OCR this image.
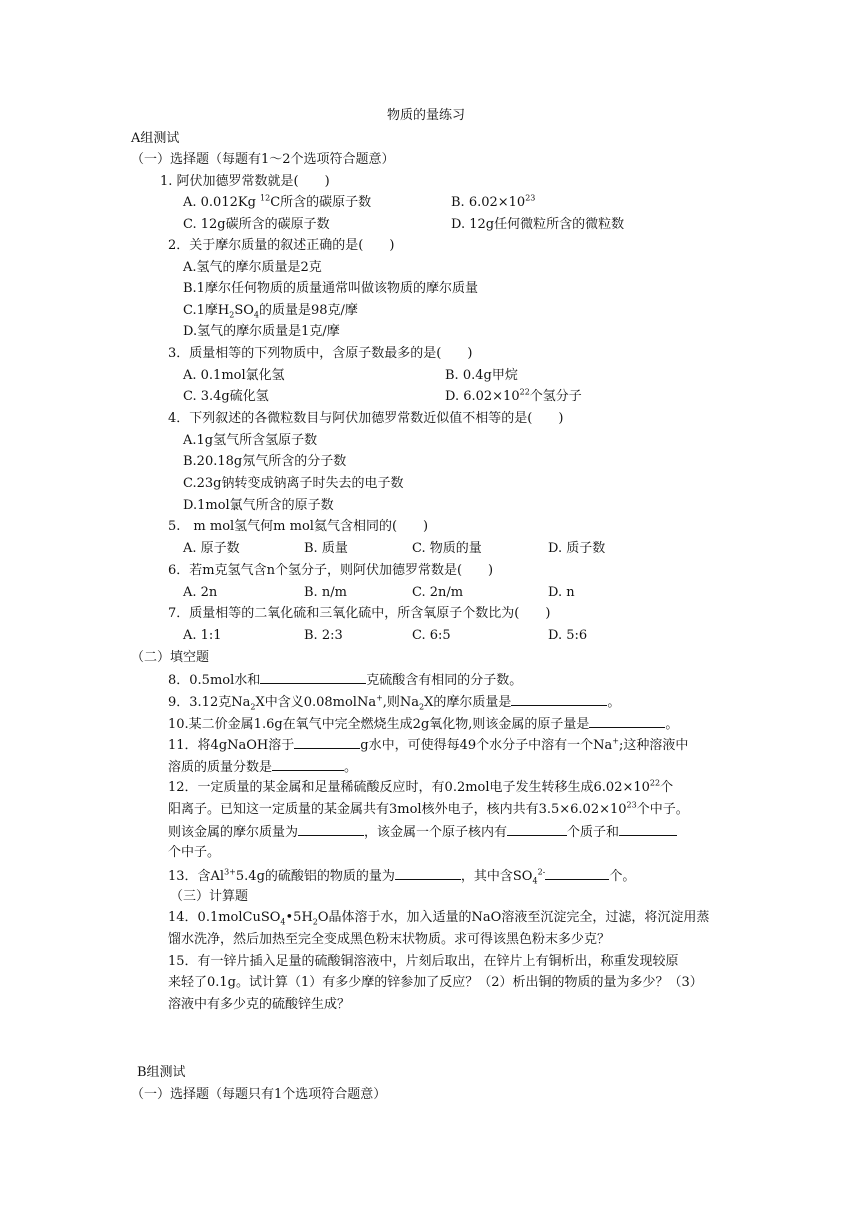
物质的量练习
A组测试
（一）选择题（每题有1～2个选项符合题意）
1. 阿伏加德罗常数就是(　　)
A. 0.012Kg $^{12}$C所含的碳原子数	B. $6.02\times 10^{23}$
C. 12g碳所含的碳原子数	D. 12g任何微粒所含的微粒数
2．关于摩尔质量的叙述正确的是(　　)
A.氢气的摩尔质量是2克
B.1摩尔任何物质的质量通常叫做该物质的摩尔质量
C.1摩$H_2SO_4$的质量是98克/摩
D.氢气的摩尔质量是1克/摩
3．质量相等的下列物质中，含原子数最多的是(　　)
A. 0.1mol氯化氢	B. 0.4g甲烷
C. 3.4g硫化氢	D. $6.02\times 10^{22}$个氢分子
4．下列叙述的各微粒数目与阿伏加德罗常数近似值不相等的是(　　)
A.1g氢气所含氢原子数
B.20.18g氖气所含的分子数
C.23g钠转变成钠离子时失去的电子数
D.1mol氯气所含的原子数
5.　m mol氢气何m mol氦气含相同的(　　)
A. 原子数	B. 质量	C. 物质的量	D. 质子数
6．若m克氢气含n个氢分子，则阿伏加德罗常数是(　　)
A. 2n	B. n/m	C. 2n/m	D. n
7．质量相等的二氧化硫和三氧化硫中，所含氧原子个数比为(　　)
A. 1:1	B. 2:3	C. 6:5	D. 5:6
（二）填空题
8．0.5mol水和	克硫酸含有相同的分子数。
9．3.12克$Na_2X$中含义0.08molNa+,则$Na_2X$的摩尔质量是	。
10.某二价金属1.6g在氧气中完全燃烧生成2g氧化物,则该金属的原子量是	。
11．将4gNaOH溶于	g水中，可使得每49个水分子中溶有一个Na+;这种溶液中
溶质的质量分数是	。
12．一定质量的某金属和足量稀硫酸反应时，有0.2mol电子发生转移生成$6.02\times 10^{22}$个
阳离子。已知这一定质量的某金属共有3mol核外电子，核内共有$3.5\times 6.02\times 10^{23}$个中子。
则该金属的摩尔质量为	，该金属一个原子核内有	个质子和
个中子。
13．含$Al^{3+}5.4g$的硫酸铝的物质的量为	，其中含$SO_4^{2-}$	个。
（三）计算题
14．$0.1molCuSO_4•5H_2O$晶体溶于水，加入适量的NaO溶液至沉淀完全，过滤，将沉淀用蒸
馏水洗净，然后加热至完全变成黑色粉末状物质。求可得该黑色粉末多少克？
15．有一锌片插入足量的硫酸铜溶液中，片刻后取出，在锌片上有铜析出，称重发现较原
来轻了0.1g。试计算（1）有多少摩的锌参加了反应？（2）析出铜的物质的量为多少？（3）
溶液中有多少克的硫酸锌生成？
B组测试
（一）选择题（每题只有1个选项符合题意）
